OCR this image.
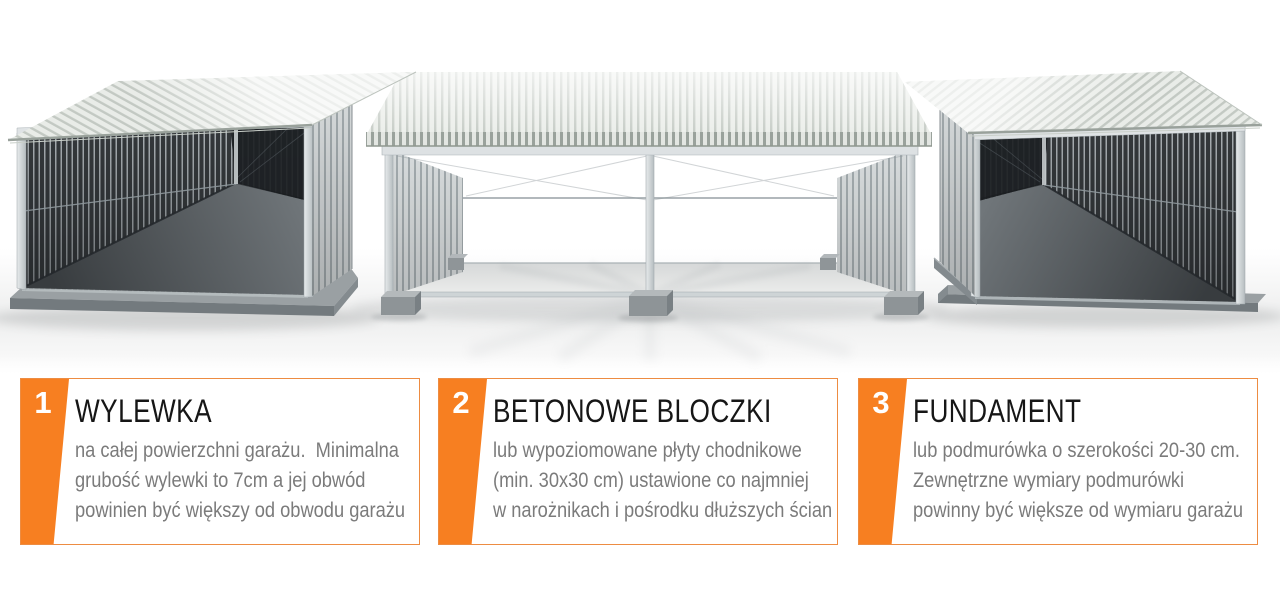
1 WYLEWKA
na całej powierzchni garażu.  Minimalna
grubość wylewki to 7cm a jej obwód
powinien być większy od obwodu garażu
2 BETONOWE BLOCZKI
lub wypoziomowane płyty chodnikowe
(min. 30x30 cm) ustawione co najmniej
w narożnikach i pośrodku dłuższych ścian
3 FUNDAMENT
lub podmurówka o szerokości 20-30 cm.
Zewnętrzne wymiary podmurówki
powinny być większe od wymiaru garażu
